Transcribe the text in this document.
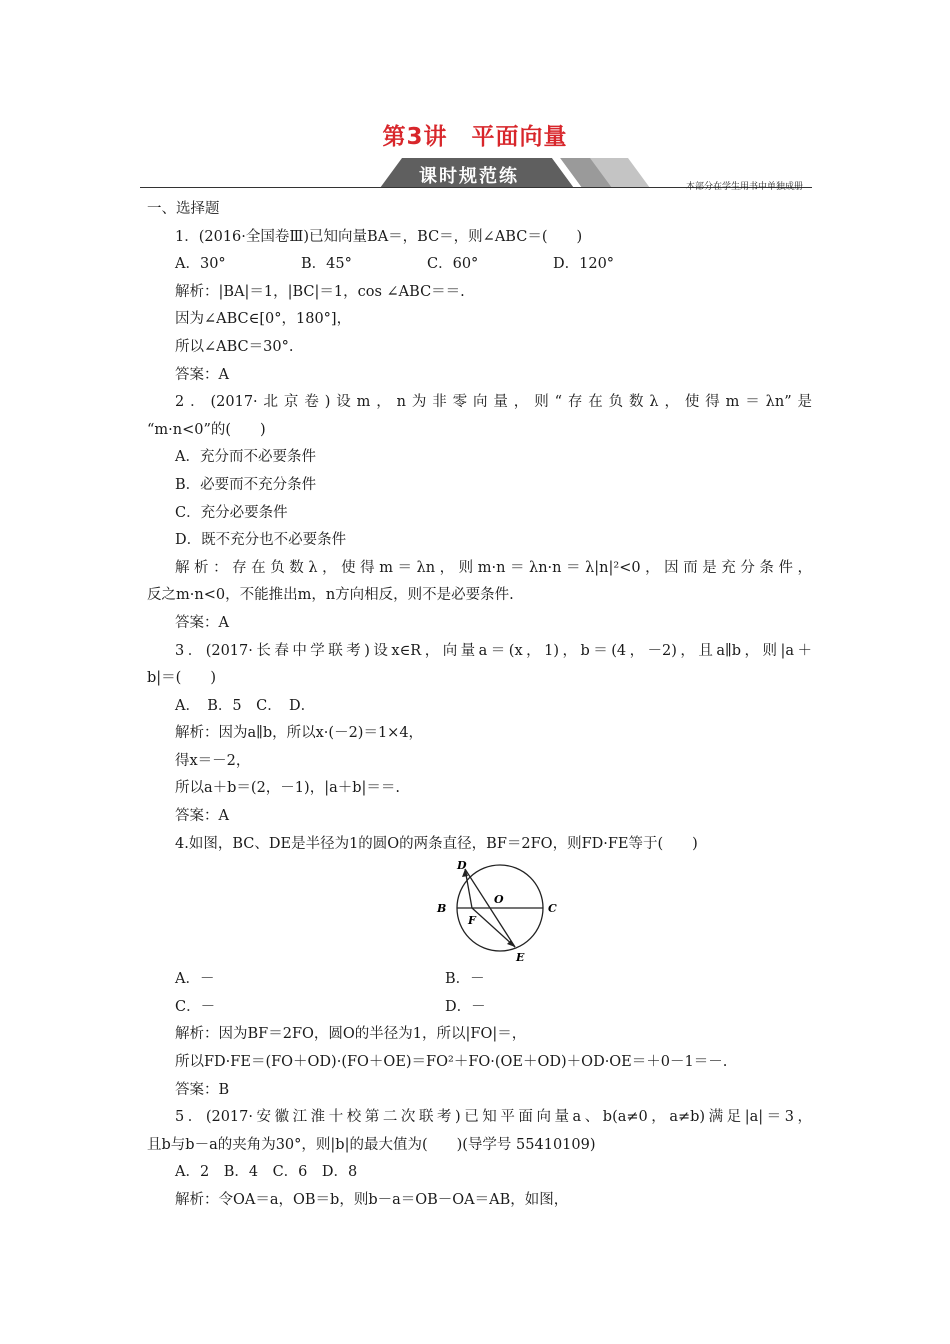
第3讲　平面向量
课时规范练	本部分在学生用书中单独成册
一、选择题
1．(2016·全国卷Ⅲ)已知向量BA＝，BC＝，则∠ABC＝(　　)
A．30°	B．45°	C．60°	D．120°
解析：|BA|＝1，|BC|＝1，cos ∠ABC＝＝.
因为∠ABC∈[0°，180°]，
所以∠ABC＝30°.
答案：A
2．(2017·北京卷)设m，n为非零向量，则“存在负数λ，使得m＝λn”是
“m·n<0”的(　　)
A．充分而不必要条件
B．必要而不充分条件
C．充分必要条件
D．既不充分也不必要条件
解析：存在负数λ，使得m＝λn，则m·n＝λn·n＝λ|n|²<0，因而是充分条件，
反之m·n<0，不能推出m，n方向相反，则不是必要条件.
答案：A
3．(2017·长春中学联考)设x∈R，向量a＝(x，1)，b＝(4，－2)，且a∥b，则|a＋
b|＝(　　)
A．　B．5　C．　D．
解析：因为a∥b，所以x·(－2)＝1×4，
得x＝－2，
所以a＋b＝(2，－1)，|a＋b|＝＝.
答案：A
4.如图，BC、DE是半径为1的圆O的两条直径，BF＝2FO，则FD·FE等于(　　)
D
B
O
C
F
E
A．－	B．－
C．－	D．－
解析：因为BF＝2FO，圆O的半径为1，所以|FO|＝，
所以FD·FE＝(FO＋OD)·(FO＋OE)＝FO²＋FO·(OE＋OD)＋OD·OE＝＋0－1＝－.
答案：B
5．(2017·安徽江淮十校第二次联考)已知平面向量a、b(a≠0，a≠b)满足|a|＝3，
且b与b－a的夹角为30°，则|b|的最大值为(　　)(导学号 55410109)
A．2　B．4　C．6　D．8
解析：令OA＝a，OB＝b，则b－a＝OB－OA＝AB，如图，
